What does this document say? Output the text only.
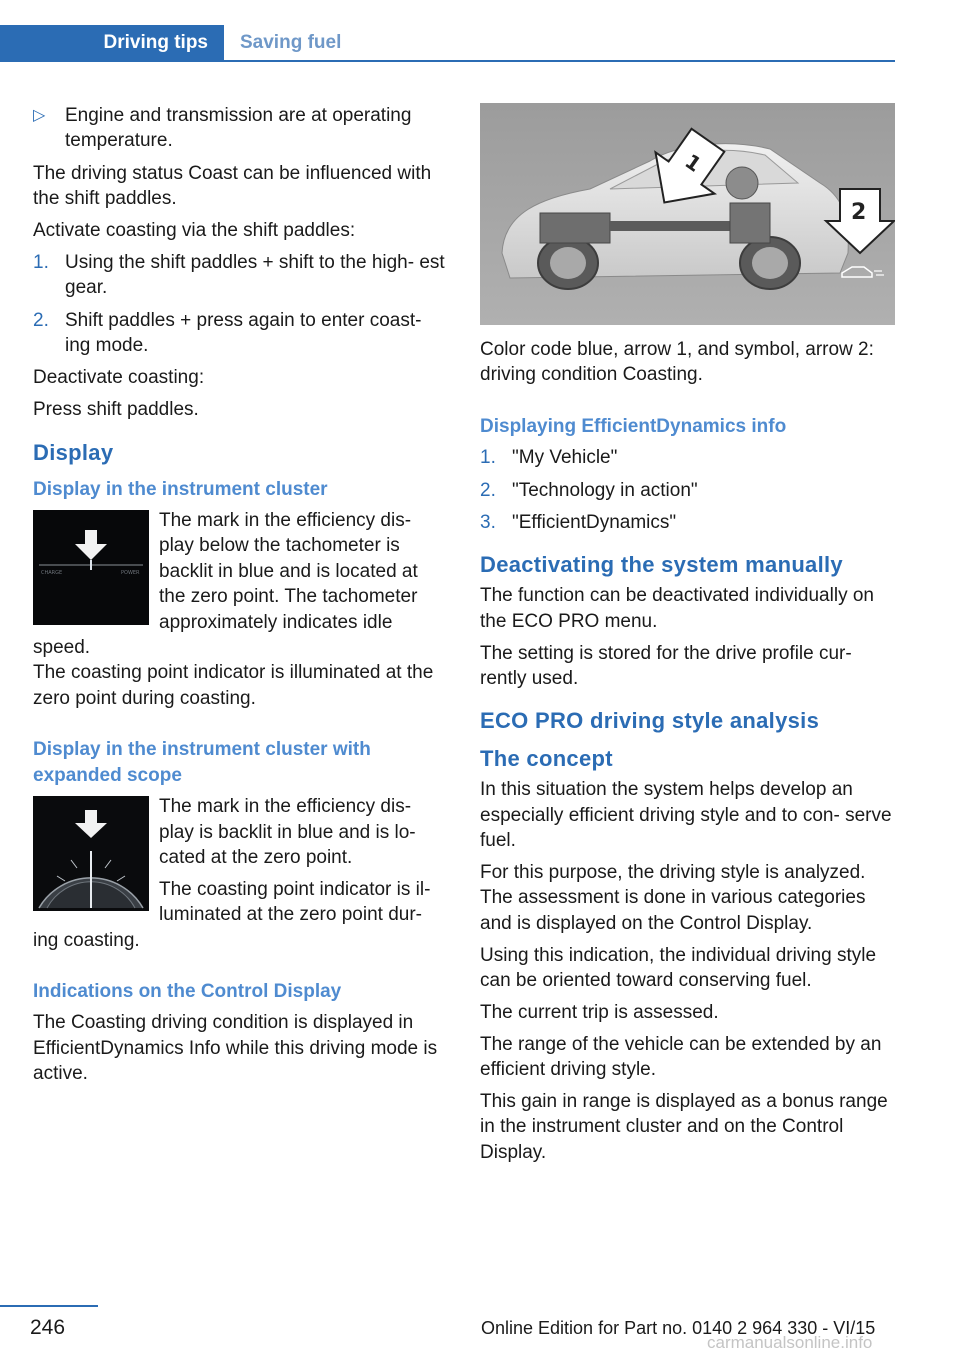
Driving tips	Saving fuel
▷	Engine and transmission are at operating temperature.

The driving status Coast can be influenced with the shift paddles.

Activate coasting via the shift paddles:

1. Using the shift paddles + shift to the high‐ est gear.
2. Shift paddles + press again to enter coast‐ ing mode.

Deactivate coasting:

Press shift paddles.

Display
Display in the instrument cluster
CHARGE	POWER
The mark in the efficiency dis‐ play below the tachometer is backlit in blue and is located at the zero point. The tachometer approximately indicates idle speed.

The coasting point indicator is illuminated at the zero point during coasting.

Display in the instrument cluster with expanded scope

The mark in the efficiency dis‐ play is backlit in blue and is lo‐ cated at the zero point.

The coasting point indicator is il‐ luminated at the zero point dur‐ ing coasting.
Indications on the Control Display

The Coasting driving condition is displayed in EfficientDynamics Info while this driving mode is active.

1
2

Color code blue, arrow 1, and symbol, arrow 2: driving condition Coasting.

Displaying EfficientDynamics info
1. "My Vehicle"
2. "Technology in action"
3. "EfficientDynamics"
Deactivating the system manually

The function can be deactivated individually on the ECO PRO menu.

The setting is stored for the drive profile cur‐ rently used.

ECO PRO driving style analysis
The concept

In this situation the system helps develop an especially efficient driving style and to con‐ serve fuel.

For this purpose, the driving style is analyzed. The assessment is done in various categories and is displayed on the Control Display.

Using this indication, the individual driving style can be oriented toward conserving fuel.

The current trip is assessed.

The range of the vehicle can be extended by an efficient driving style.

This gain in range is displayed as a bonus range in the instrument cluster and on the Control Display.

246	Online Edition for Part no. 0140 2 964 330 - VI/15
carmanualsonline.info
